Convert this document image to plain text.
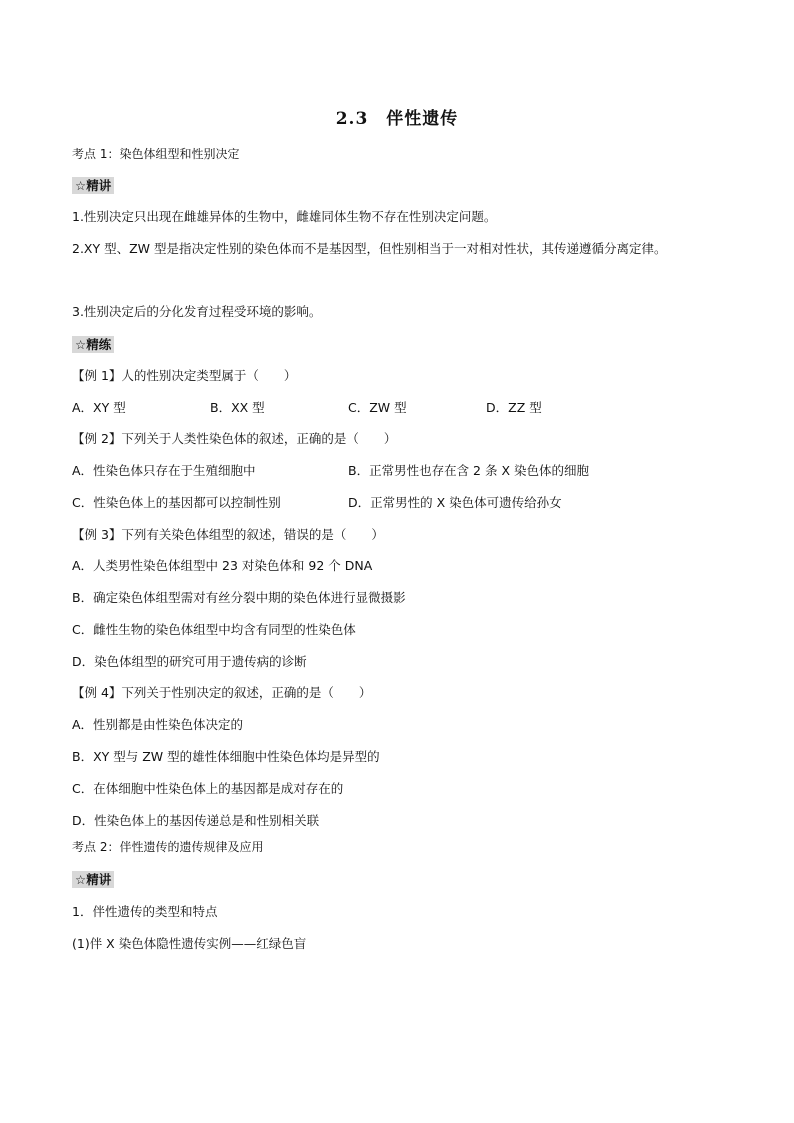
2.3　伴性遗传
考点 1：染色体组型和性别决定
☆精讲
1.性别决定只出现在雌雄异体的生物中，雌雄同体生物不存在性别决定问题。
2.XY 型、ZW 型是指决定性别的染色体而不是基因型，但性别相当于一对相对性状，其传递遵循分离定律。
3.性别决定后的分化发育过程受环境的影响。
☆精练
【例 1】人的性别决定类型属于（　　）
A．XY 型	B．XX 型	C．ZW 型	D．ZZ 型
【例 2】下列关于人类性染色体的叙述，正确的是（　　）
A．性染色体只存在于生殖细胞中	B．正常男性也存在含 2 条 X 染色体的细胞
C．性染色体上的基因都可以控制性别	D．正常男性的 X 染色体可遗传给孙女
【例 3】下列有关染色体组型的叙述，错误的是（　　）
A．人类男性染色体组型中 23 对染色体和 92 个 DNA
B．确定染色体组型需对有丝分裂中期的染色体进行显微摄影
C．雌性生物的染色体组型中均含有同型的性染色体
D．染色体组型的研究可用于遗传病的诊断
【例 4】下列关于性别决定的叙述，正确的是（　　）
A．性别都是由性染色体决定的
B．XY 型与 ZW 型的雄性体细胞中性染色体均是异型的
C．在体细胞中性染色体上的基因都是成对存在的
D．性染色体上的基因传递总是和性别相关联
考点 2：伴性遗传的遗传规律及应用
☆精讲
1．伴性遗传的类型和特点
(1)伴 X 染色体隐性遗传实例——红绿色盲
